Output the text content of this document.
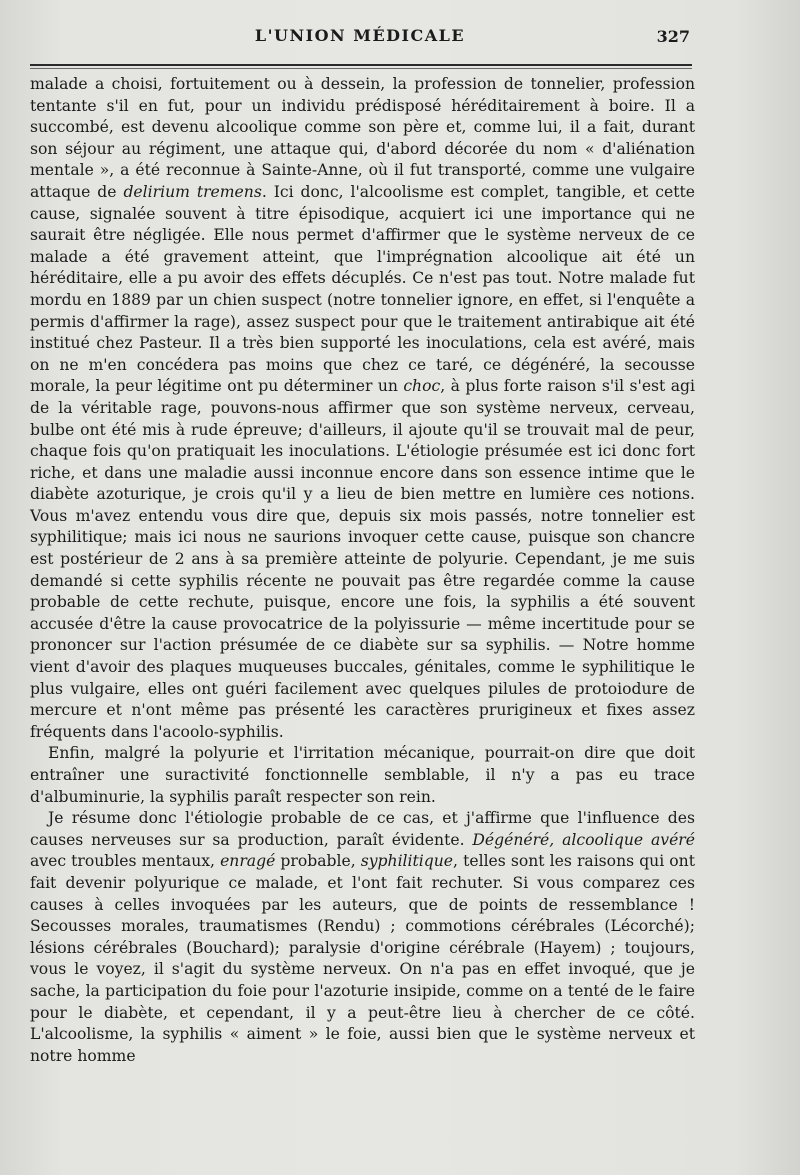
L'UNION MÉDICALE	327

malade a choisi, fortuitement ou à dessein, la profession de tonnelier, profession tentante s'il en fut, pour un individu prédisposé héréditairement à boire. Il a succombé, est devenu alcoolique comme son père et, comme lui, il a fait, durant son séjour au régiment, une attaque qui, d'abord décorée du nom « d'aliénation mentale », a été reconnue à Sainte-Anne, où il fut transporté, comme une vulgaire attaque de delirium tremens. Ici donc, l'alcoolisme est complet, tangible, et cette cause, signalée souvent à titre épisodique, acquiert ici une importance qui ne saurait être négligée. Elle nous permet d'affirmer que le système nerveux de ce malade a été gravement atteint, que l'imprégnation alcoolique ait été un héréditaire, elle a pu avoir des effets décuplés. Ce n'est pas tout. Notre malade fut mordu en 1889 par un chien suspect (notre tonnelier ignore, en effet, si l'enquête a permis d'affirmer la rage), assez suspect pour que le traitement antirabique ait été institué chez Pasteur. Il a très bien supporté les inoculations, cela est avéré, mais on ne m'en concédera pas moins que chez ce taré, ce dégénéré, la secousse morale, la peur légitime ont pu déterminer un choc, à plus forte raison s'il s'est agi de la véritable rage, pouvons-nous affirmer que son système nerveux, cerveau, bulbe ont été mis à rude épreuve; d'ailleurs, il ajoute qu'il se trouvait mal de peur, chaque fois qu'on pratiquait les inoculations. L'étiologie présumée est ici donc fort riche, et dans une maladie aussi inconnue encore dans son essence intime que le diabète azoturique, je crois qu'il y a lieu de bien mettre en lumière ces notions. Vous m'avez entendu vous dire que, depuis six mois passés, notre tonnelier est syphilitique; mais ici nous ne saurions invoquer cette cause, puisque son chancre est postérieur de 2 ans à sa première atteinte de polyurie. Cependant, je me suis demandé si cette syphilis récente ne pouvait pas être regardée comme la cause probable de cette rechute, puisque, encore une fois, la syphilis a été souvent accusée d'être la cause provocatrice de la polyissurie — même incertitude pour se prononcer sur l'action présumée de ce diabète sur sa syphilis. — Notre homme vient d'avoir des plaques muqueuses buccales, génitales, comme le syphilitique le plus vulgaire, elles ont guéri facilement avec quelques pilules de protoiodure de mercure et n'ont même pas présenté les caractères prurigineux et fixes assez fréquents dans l'acoolo-syphilis.

Enfin, malgré la polyurie et l'irritation mécanique, pourrait-on dire que doit entraîner une suractivité fonctionnelle semblable, il n'y a pas eu trace d'albuminurie, la syphilis paraît respecter son rein.

Je résume donc l'étiologie probable de ce cas, et j'affirme que l'influence des causes nerveuses sur sa production, paraît évidente. Dégénéré, alcoolique avéré avec troubles mentaux, enragé probable, syphilitique, telles sont les raisons qui ont fait devenir polyurique ce malade, et l'ont fait rechuter. Si vous comparez ces causes à celles invoquées par les auteurs, que de points de ressemblance ! Secousses morales, traumatismes (Rendu) ; commotions cérébrales (Lécorché); lésions cérébrales (Bouchard); paralysie d'origine cérébrale (Hayem) ; toujours, vous le voyez, il s'agit du système nerveux. On n'a pas en effet invoqué, que je sache, la participation du foie pour l'azoturie insipide, comme on a tenté de le faire pour le diabète, et cependant, il y a peut-être lieu à chercher de ce côté. L'alcoolisme, la syphilis « aiment » le foie, aussi bien que le système nerveux et notre homme
